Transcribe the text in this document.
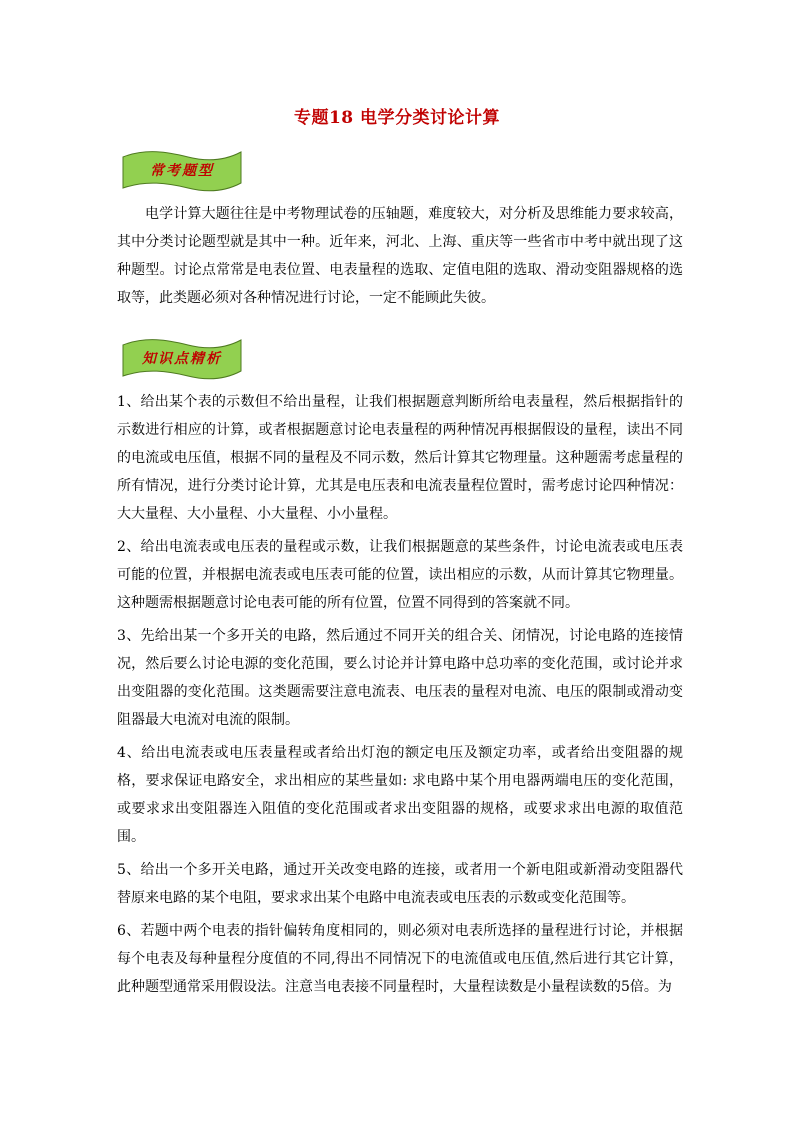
专题18 电学分类讨论计算
常考题型

电学计算大题往往是中考物理试卷的压轴题，难度较大，对分析及思维能力要求较高，其中分类讨论题型就是其中一种。近年来，河北、上海、重庆等一些省市中考中就出现了这种题型。讨论点常常是电表位置、电表量程的选取、定值电阻的选取、滑动变阻器规格的选取等，此类题必须对各种情况进行讨论，一定不能顾此失彼。

知识点精析
1、给出某个表的示数但不给出量程，让我们根据题意判断所给电表量程，然后根据指针的示数进行相应的计算，或者根据题意讨论电表量程的两种情况再根据假设的量程，读出不同的电流或电压值，根据不同的量程及不同示数，然后计算其它物理量。这种题需考虑量程的所有情况，进行分类讨论计算，尤其是电压表和电流表量程位置时，需考虑讨论四种情况：大大量程、大小量程、小大量程、小小量程。
2、给出电流表或电压表的量程或示数，让我们根据题意的某些条件，讨论电流表或电压表可能的位置，并根据电流表或电压表可能的位置，读出相应的示数，从而计算其它物理量。这种题需根据题意讨论电表可能的所有位置，位置不同得到的答案就不同。
3、先给出某一个多开关的电路，然后通过不同开关的组合关、闭情况，讨论电路的连接情况，然后要么讨论电源的变化范围，要么讨论并计算电路中总功率的变化范围，或讨论并求出变阻器的变化范围。这类题需要注意电流表、电压表的量程对电流、电压的限制或滑动变阻器最大电流对电流的限制。
4、给出电流表或电压表量程或者给出灯泡的额定电压及额定功率，或者给出变阻器的规格，要求保证电路安全，求出相应的某些量如: 求电路中某个用电器两端电压的变化范围，或要求求出变阻器连入阻值的变化范围或者求出变阻器的规格，或要求求出电源的取值范围。
5、给出一个多开关电路，通过开关改变电路的连接，或者用一个新电阻或新滑动变阻器代替原来电路的某个电阻，要求求出某个电路中电流表或电压表的示数或变化范围等。
6、若题中两个电表的指针偏转角度相同的，则必须对电表所选择的量程进行讨论，并根据每个电表及每种量程分度值的不同,得出不同情况下的电流值或电压值,然后进行其它计算，此种题型通常采用假设法。注意当电表接不同量程时，大量程读数是小量程读数的5倍。为
